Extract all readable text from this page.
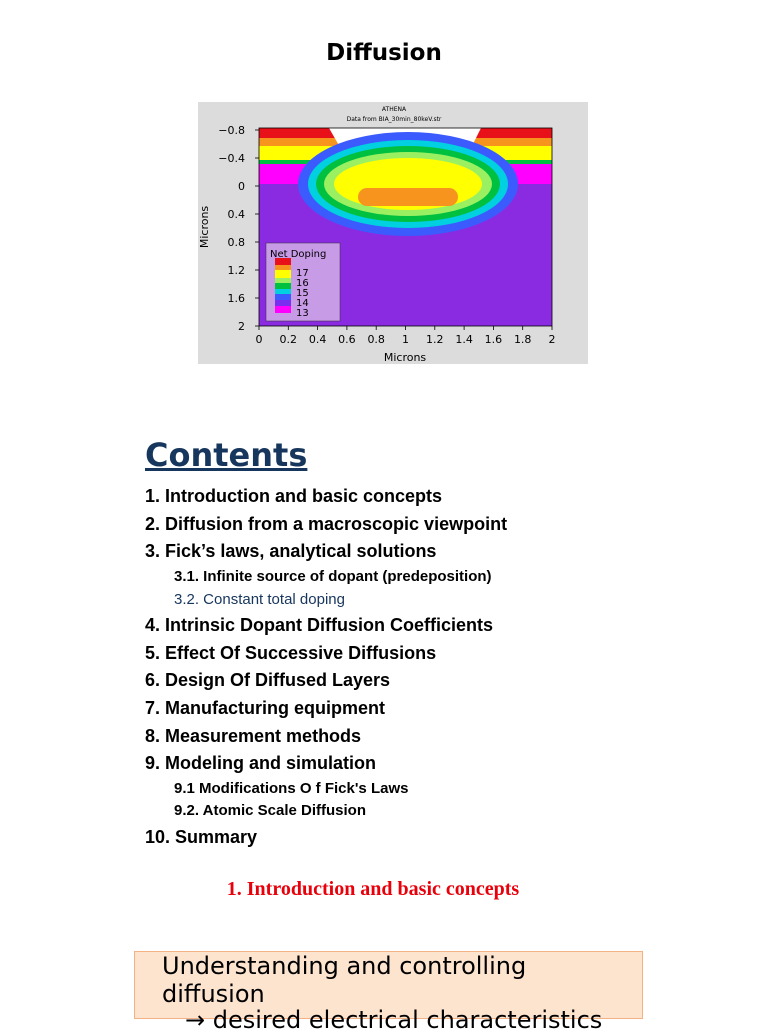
Diffusion
ATHENA
Data from BIA_30min_80keV.str
Net Doping
17
16
15
14
13
−0.8
−0.4
0
0.4
0.8
1.2
1.6
2
0 0.2 0.4 0.6 0.8 1 1.2 1.4 1.6 1.8 2
Microns
Microns
Contents
1. Introduction and basic concepts
2. Diffusion from a macroscopic viewpoint
3. Fick’s laws, analytical solutions
3.1. Infinite source of dopant (predeposition)
3.2. Constant total doping
4. Intrinsic Dopant Diffusion Coefficients
5. Effect Of Successive Diffusions
6. Design Of Diffused Layers
7. Manufacturing equipment
8. Measurement methods
9. Modeling and simulation
9.1 Modifications O f Fick's Laws
9.2. Atomic Scale Diffusion
10. Summary
1. Introduction and basic concepts
Understanding and controlling diffusion
→ desired electrical characteristics
